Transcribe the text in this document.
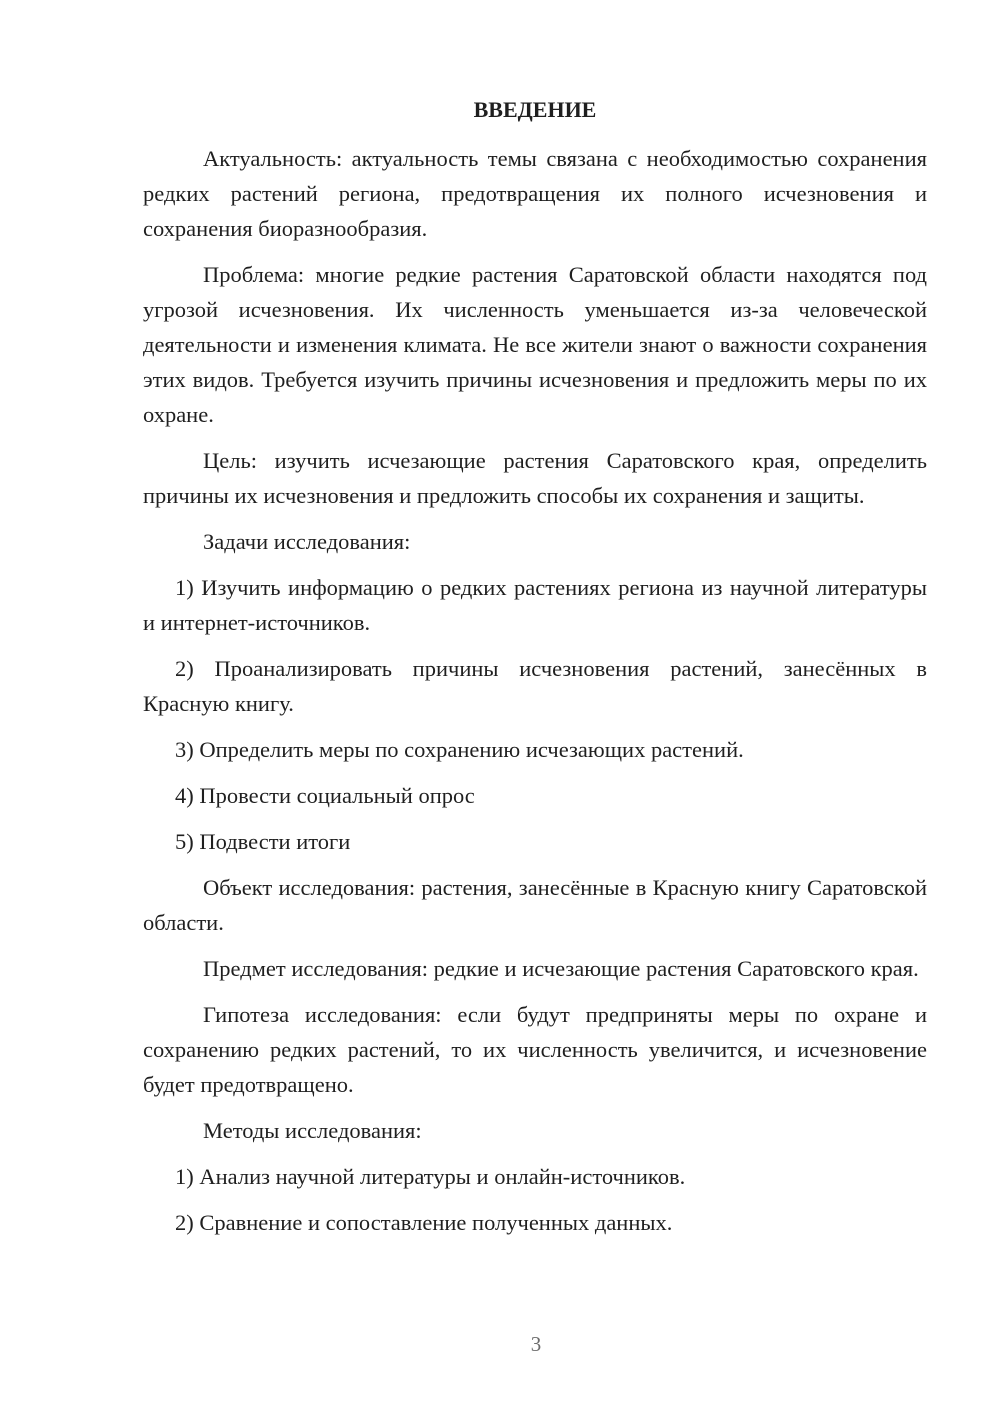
ВВЕДЕНИЕ

Актуальность: актуальность темы связана с необходимостью сохранения редких растений региона, предотвращения их полного исчезновения и сохранения биоразнообразия.

Проблема: многие редкие растения Саратовской области находятся под угрозой исчезновения. Их численность уменьшается из-за человеческой деятельности и изменения климата. Не все жители знают о важности сохранения этих видов. Требуется изучить причины исчезновения и предложить меры по их охране.

Цель: изучить исчезающие растения Саратовского края, определить причины их исчезновения и предложить способы их сохранения и защиты.

Задачи исследования:

1) Изучить информацию о редких растениях региона из научной литературы и интернет-источников.

2) Проанализировать причины исчезновения растений, занесённых в Красную книгу.

3) Определить меры по сохранению исчезающих растений.

4) Провести социальный опрос

5) Подвести итоги

Объект исследования: растения, занесённые в Красную книгу Саратовской области.

Предмет исследования: редкие и исчезающие растения Саратовского края.

Гипотеза исследования: если будут предприняты меры по охране и сохранению редких растений, то их численность увеличится, и исчезновение будет предотвращено.

Методы исследования:

1) Анализ научной литературы и онлайн-источников.

2) Сравнение и сопоставление полученных данных.

3
